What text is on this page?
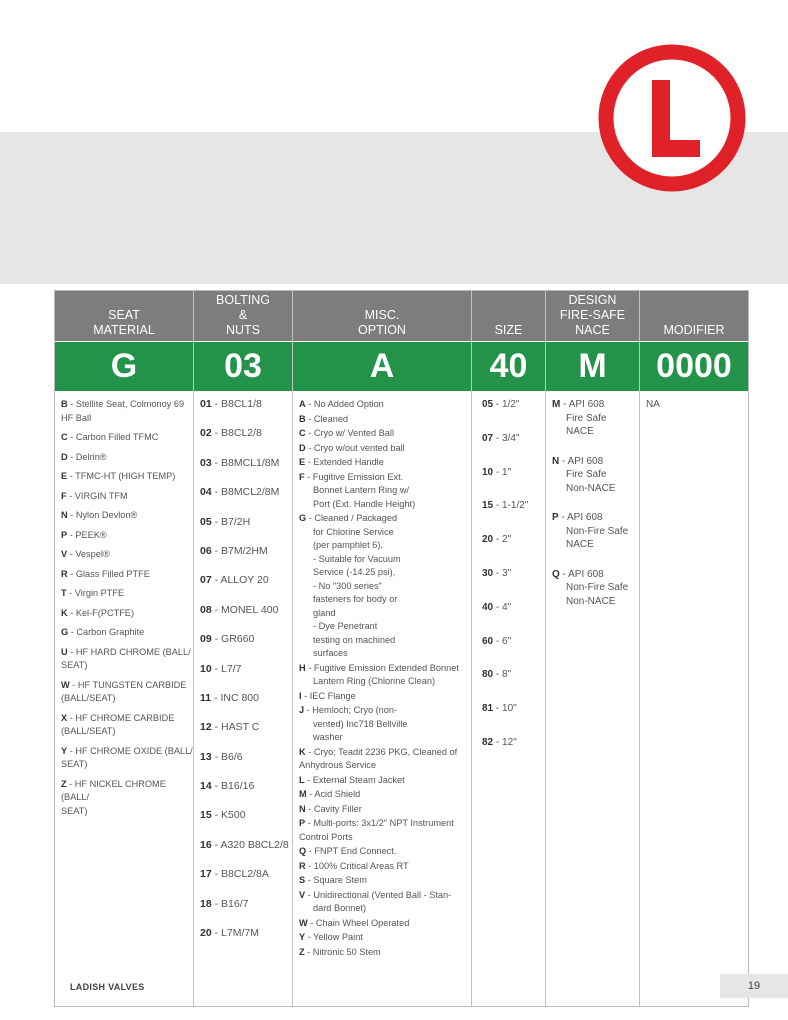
SEAT
MATERIAL
G
B - Stellite Seat, Colmonoy 69
HF Ball
C - Carbon Filled TFMC
D - Delrin®
E - TFMC-HT (HIGH TEMP)
F - VIRGIN TFM
N - Nylon Devlon®
P - PEEK®
V - Vespel®
R - Glass Filled PTFE
T - Virgin PTFE
K - Kel-F(PCTFE)
G - Carbon Graphite
U - HF HARD CHROME (BALL/
SEAT)
W - HF TUNGSTEN CARBIDE
(BALL/SEAT)
X - HF CHROME CARBIDE
(BALL/SEAT)
Y - HF CHROME OXIDE (BALL/
SEAT)
Z - HF NICKEL CHROME (BALL/
SEAT)
BOLTING
&
NUTS
03
01 - B8CL1/8
02 - B8CL2/8
03 - B8MCL1/8M
04 - B8MCL2/8M
05 - B7/2H
06 - B7M/2HM
07 - ALLOY 20
08 - MONEL 400
09 - GR660
10 - L7/7
11 - INC 800
12 - HAST C
13 - B6/6
14 - B16/16
15 - K500
16 - A320 B8CL2/8
17 - B8CL2/8A
18 - B16/7
20 - L7M/7M
MISC.
OPTION
A
A - No Added Option
B - Cleaned
C - Cryo w/ Vented Ball
D - Cryo w/out vented ball
E - Extended Handle
F - Fugitive Emission Ext.
Bonnet Lantern Ring w/
Port (Ext. Handle Height)
G - Cleaned / Packaged
for Chlorine Service
(per pamphlet 6),
- Suitable for Vacuum
Service (-14.25 psi),
- No "300 series"
fasteners for body or
gland
- Dye Penetrant
testing on machined
surfaces
H - Fugitive Emission Extended Bonnet
Lantern Ring (Chlorine Clean)
I - IEC Flange
J - Hemloch; Cryo (non-
vented) Inc718 Bellville
washer
K - Cryo; Teadit 2236 PKG, Cleaned of
Anhydrous Service
L - External Steam Jacket
M - Acid Shield
N - Cavity Filler
P - Multi-ports: 3x1/2" NPT Instrument
Control Ports
Q - FNPT End Connect.
R - 100% Critical Areas RT
S - Square Stem
V - Unidirectional (Vented Ball - Stan-
dard Bonnet)
W - Chain Wheel Operated
Y - Yellow Paint
Z - Nitronic 50 Stem
SIZE
40
05 - 1/2"
07 - 3/4"
10 - 1"
15 - 1-1/2"
20 - 2"
30 - 3"
40 - 4"
60 - 6"
80 - 8"
81 - 10"
82 - 12"
DESIGN
FIRE-SAFE
NACE
M
M - API 608
Fire Safe
NACE
N - API 608
Fire Safe
Non-NACE
P - API 608
Non-Fire Safe
NACE
Q - API 608
Non-Fire Safe
Non-NACE
MODIFIER
0000
NA
LADISH VALVES	19
